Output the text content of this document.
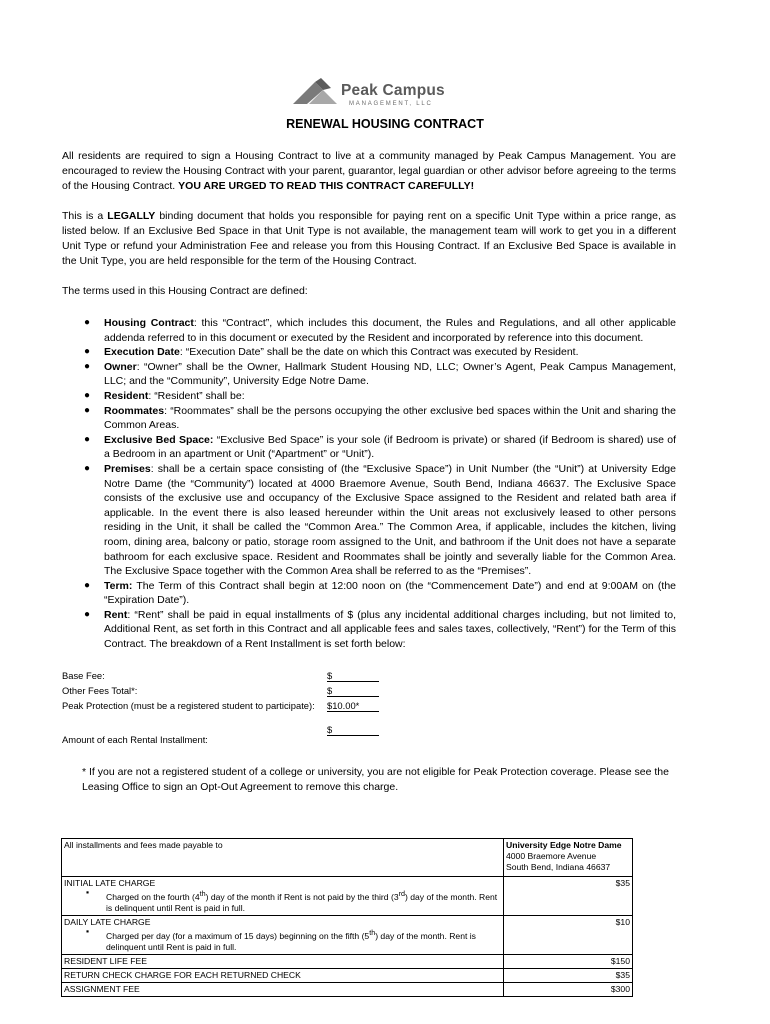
Peak Campus
MANAGEMENT, LLC
RENEWAL HOUSING CONTRACT
All residents are required to sign a Housing Contract to live at a community managed by Peak Campus Management. You are encouraged to review the Housing Contract with your parent, guarantor, legal guardian or other advisor before agreeing to the terms of the Housing Contract. YOU ARE URGED TO READ THIS CONTRACT CAREFULLY!
This is a LEGALLY binding document that holds you responsible for paying rent on a specific Unit Type within a price range, as listed below. If an Exclusive Bed Space in that Unit Type is not available, the management team will work to get you in a different Unit Type or refund your Administration Fee and release you from this Housing Contract. If an Exclusive Bed Space is available in the Unit Type, you are held responsible for the term of the Housing Contract.
The terms used in this Housing Contract are defined:
● Housing Contract: this “Contract”, which includes this document, the Rules and Regulations, and all other applicable addenda referred to in this document or executed by the Resident and incorporated by reference into this document.
● Execution Date: “Execution Date” shall be the date on which this Contract was executed by Resident.
● Owner: “Owner” shall be the Owner, Hallmark Student Housing ND, LLC; Owner’s Agent, Peak Campus Management, LLC; and the “Community”, University Edge Notre Dame.
● Resident: “Resident” shall be:
● Roommates: “Roommates” shall be the persons occupying the other exclusive bed spaces within the Unit and sharing the Common Areas.
● Exclusive Bed Space: “Exclusive Bed Space” is your sole (if Bedroom is private) or shared (if Bedroom is shared) use of a Bedroom in an apartment or Unit (“Apartment” or “Unit”).
● Premises: shall be a certain space consisting of (the “Exclusive Space”) in Unit Number (the “Unit”) at University Edge Notre Dame (the “Community”) located at 4000 Braemore Avenue, South Bend, Indiana 46637. The Exclusive Space consists of the exclusive use and occupancy of the Exclusive Space assigned to the Resident and related bath area if applicable. In the event there is also leased hereunder within the Unit areas not exclusively leased to other persons residing in the Unit, it shall be called the “Common Area.” The Common Area, if applicable, includes the kitchen, living room, dining area, balcony or patio, storage room assigned to the Unit, and bathroom if the Unit does not have a separate bathroom for each exclusive space. Resident and Roommates shall be jointly and severally liable for the Common Area. The Exclusive Space together with the Common Area shall be referred to as the “Premises”.
● Term: The Term of this Contract shall begin at 12:00 noon on (the “Commencement Date”) and end at 9:00AM on (the “Expiration Date”).
● Rent: “Rent” shall be paid in equal installments of $ (plus any incidental additional charges including, but not limited to, Additional Rent, as set forth in this Contract and all applicable fees and sales taxes, collectively, “Rent”) for the Term of this Contract. The breakdown of a Rent Installment is set forth below:
Base Fee:	$
Other Fees Total*:	$
Peak Protection (must be a registered student to participate): $10.00*
Amount of each Rental Installment:
$
* If you are not a registered student of a college or university, you are not eligible for Peak Protection coverage. Please see the Leasing Office to sign an Opt-Out Agreement to remove this charge.
All installments and fees made payable to	University Edge Notre Dame
4000 Braemore Avenue
South Bend, Indiana 46637

INITIAL LATE CHARGE
▪ Charged on the fourth (4th) day of the month if Rent is not paid by the third (3rd) day of the month. Rent is delinquent until Rent is paid in full.	$35

DAILY LATE CHARGE
▪ Charged per day (for a maximum of 15 days) beginning on the fifth (5th) day of the month. Rent is delinquent until Rent is paid in full.	$10
RESIDENT LIFE FEE	$150
RETURN CHECK CHARGE FOR EACH RETURNED CHECK	$35
ASSIGNMENT FEE	$300
